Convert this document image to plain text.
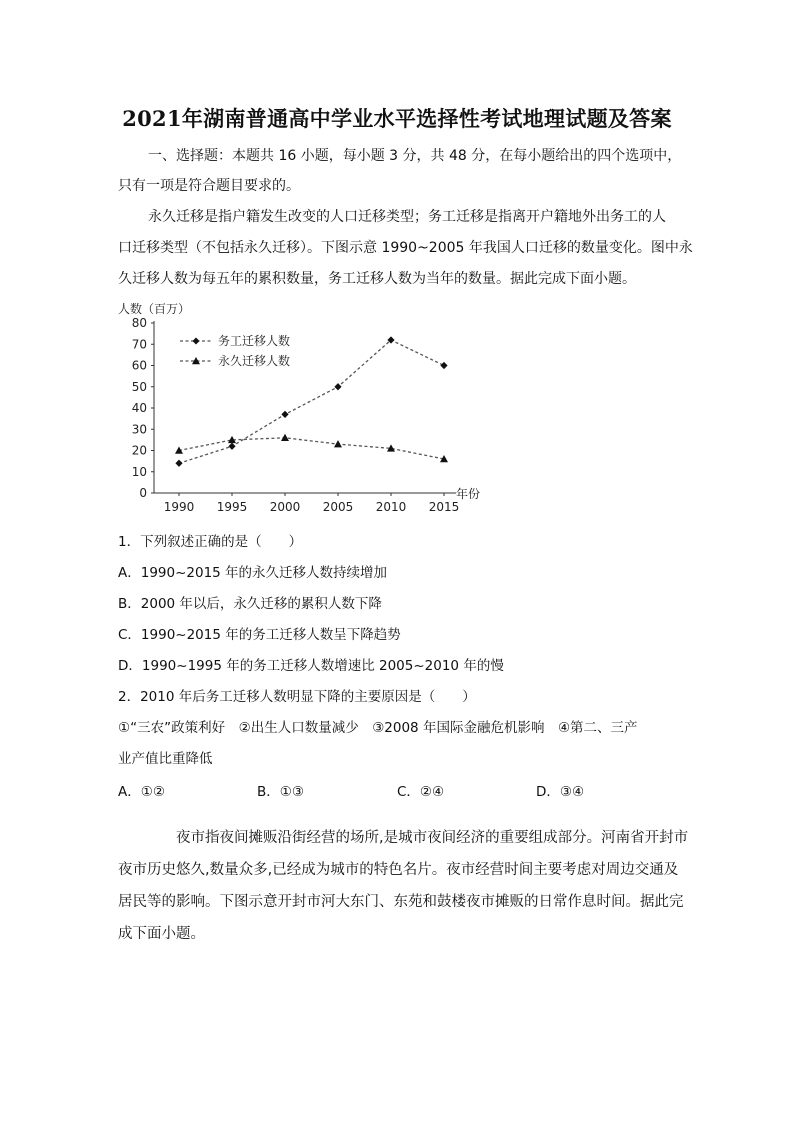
2021年湖南普通高中学业水平选择性考试地理试题及答案
一、选择题：本题共 16 小题，每小题 3 分，共 48 分，在每小题给出的四个选项中，
只有一项是符合题目要求的。
永久迁移是指户籍发生改变的人口迁移类型；务工迁移是指离开户籍地外出务工的人
口迁移类型（不包括永久迁移）。下图示意 1990~2005 年我国人口迁移的数量变化。图中永
久迁移人数为每五年的累积数量，务工迁移人数为当年的数量。据此完成下面小题。
人数（百万）
年份
0
10
20
30
40
50
60
70
80
1990 1995 2000 2005 2010 2015
务工迁移人数
永久迁移人数
1．下列叙述正确的是（　　）
A．1990~2015 年的永久迁移人数持续增加
B．2000 年以后，永久迁移的累积人数下降
C．1990~2015 年的务工迁移人数呈下降趋势
D．1990~1995 年的务工迁移人数增速比 2005~2010 年的慢
2．2010 年后务工迁移人数明显下降的主要原因是（　　）
①“三农”政策利好　②出生人口数量减少　③2008 年国际金融危机影响　④第二、三产
业产值比重降低
A．①②	B．①③	C．②④	D．③④
夜市指夜间摊贩沿街经营的场所,是城市夜间经济的重要组成部分。河南省开封市
夜市历史悠久,数量众多,已经成为城市的特色名片。夜市经营时间主要考虑对周边交通及
居民等的影响。下图示意开封市河大东门、东苑和鼓楼夜市摊贩的日常作息时间。据此完
成下面小题。
